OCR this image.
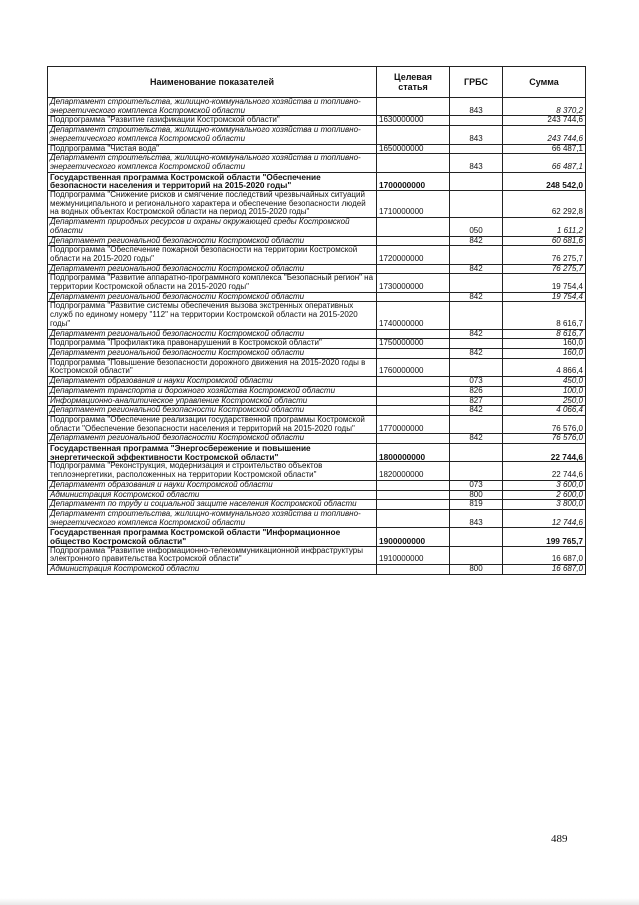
Наименование показателей	Целевая статья	ГРБС	Сумма
Департамент строительства, жилищно-коммунального хозяйства и топливно-энергетического комплекса Костромской области		843	8 370,2
Подпрограмма "Развитие газификации Костромской области"	1630000000		243 744,6
Департамент строительства, жилищно-коммунального хозяйства и топливно-энергетического комплекса Костромской области		843	243 744,6
Подпрограмма "Чистая вода"	1650000000		66 487,1
Департамент строительства, жилищно-коммунального хозяйства и топливно-энергетического комплекса Костромской области		843	66 487,1
Государственная программа Костромской области "Обеспечение безопасности населения и территорий на 2015-2020 годы"	1700000000		248 542,0
Подпрограмма "Снижение рисков и смягчение последствий чрезвычайных ситуаций межмуниципального и регионального характера и обеспечение безопасности людей на водных объектах Костромской области на период 2015-2020 годы"	1710000000		62 292,8
Департамент природных ресурсов и охраны окружающей среды Костромской области		050	1 611,2
Департамент региональной безопасности Костромской области		842	60 681,6
Подпрограмма "Обеспечение пожарной безопасности на территории Костромской области на 2015-2020 годы"	1720000000		76 275,7
Департамент региональной безопасности Костромской области		842	76 275,7
Подпрограмма "Развитие аппаратно-программного комплекса "Безопасный регион" на территории Костромской области на 2015-2020 годы"	1730000000		19 754,4
Департамент региональной безопасности Костромской области		842	19 754,4
Подпрограмма "Развитие системы обеспечения вызова экстренных оперативных служб по единому номеру "112" на территории Костромской области на 2015-2020 годы"	1740000000		8 616,7
Департамент региональной безопасности Костромской области		842	8 616,7
Подпрограмма "Профилактика правонарушений в Костромской области"	1750000000		160,0
Департамент региональной безопасности Костромской области		842	160,0
Подпрограмма "Повышение безопасности дорожного движения на 2015-2020 годы в Костромской области"	1760000000		4 866,4
Департамент образования и науки Костромской области		073	450,0
Департамент транспорта и дорожного хозяйства Костромской области		826	100,0
Информационно-аналитическое управление Костромской области		827	250,0
Департамент региональной безопасности Костромской области		842	4 066,4
Подпрограмма "Обеспечение реализации государственной программы Костромской области "Обеспечение безопасности населения и территорий на 2015-2020 годы"	1770000000		76 576,0
Департамент региональной безопасности Костромской области		842	76 576,0
Государственная программа "Энергосбережение и повышение энергетической эффективности Костромской области"	1800000000		22 744,6
Подпрограмма "Реконструкция, модернизация и строительство объектов теплоэнергетики, расположенных на территории Костромской области"	1820000000		22 744,6
Департамент образования и науки Костромской области		073	3 600,0
Администрация Костромской области		800	2 600,0
Департамент по труду и социальной защите населения Костромской области		819	3 800,0
Департамент строительства, жилищно-коммунального хозяйства и топливно-энергетического комплекса Костромской области		843	12 744,6
Государственная программа Костромской области "Информационное общество Костромской области"	1900000000		199 765,7
Подпрограмма "Развитие информационно-телекоммуникационной инфраструктуры электронного правительства Костромской области"	1910000000		16 687,0
Администрация Костромской области		800	16 687,0
489
